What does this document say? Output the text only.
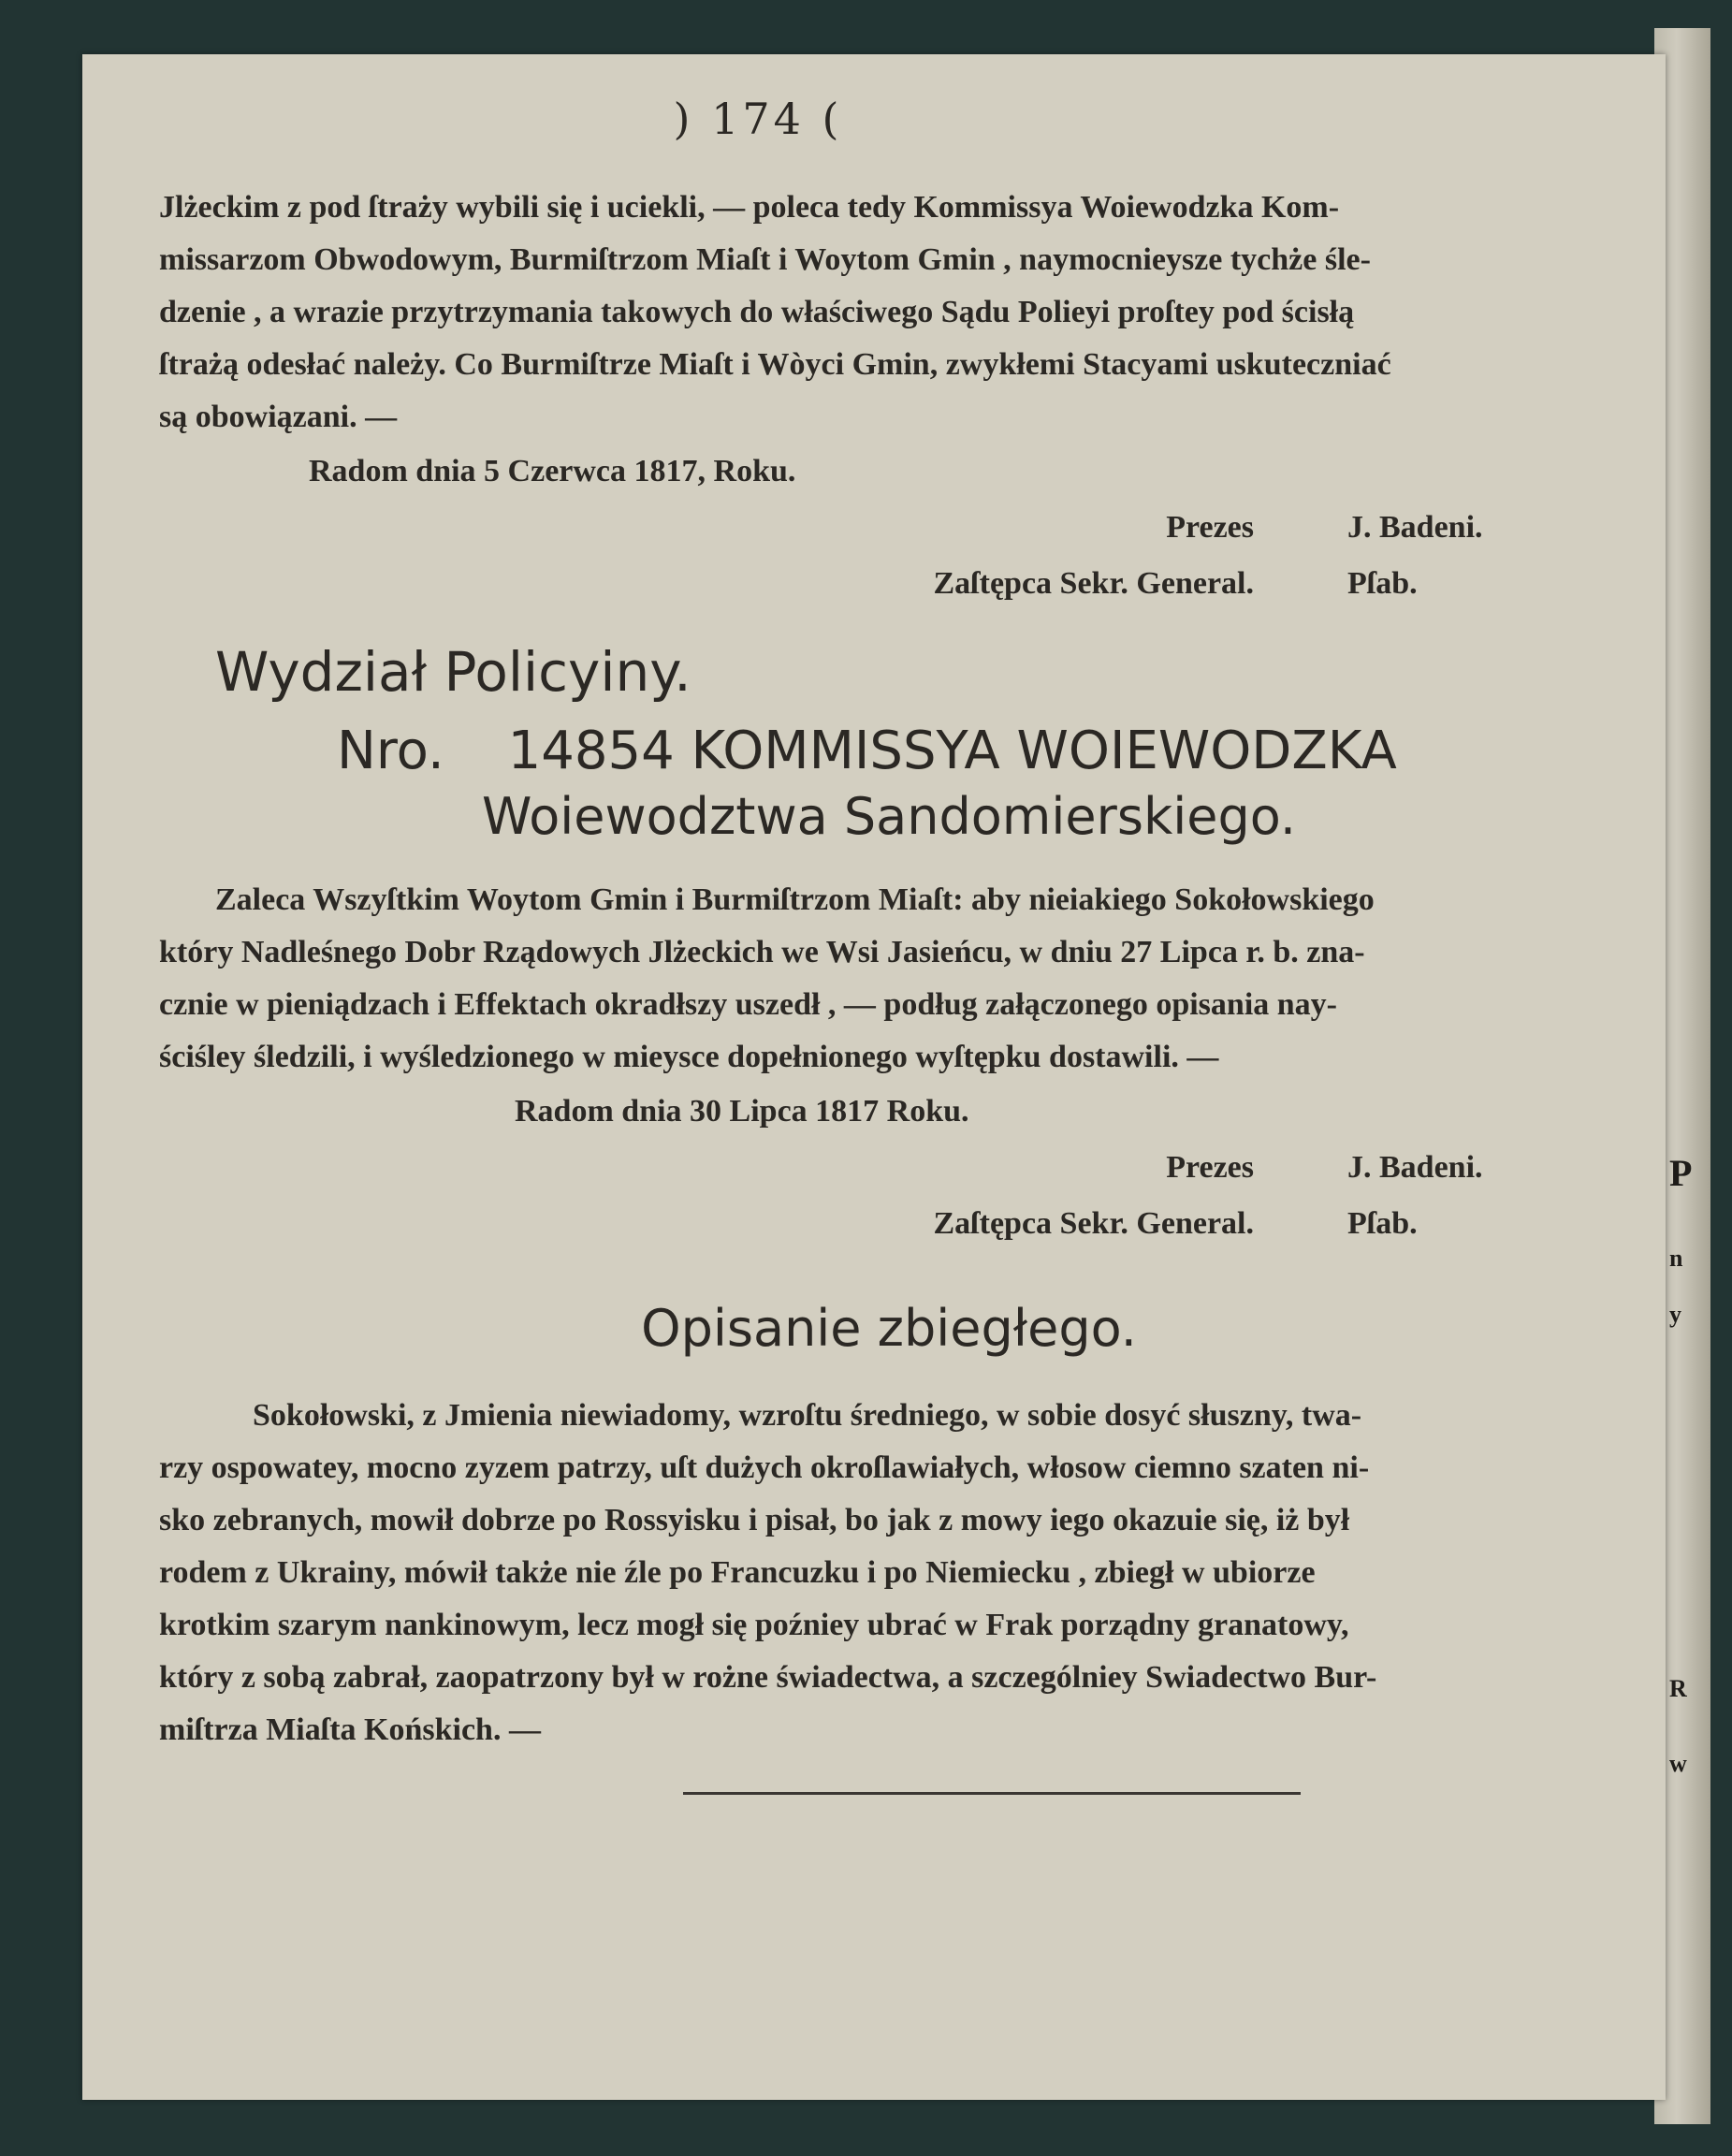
P
n
y
R
w
) 174 (
Jlżeckim z pod ſtraży wybili się i uciekli, — poleca tedy Kommissya Woiewodzka Kom-
missarzom Obwodowym, Burmiſtrzom Miaſt i Woytom Gmin , naymocnieysze tychże śle-
dzenie , a wrazie przytrzymania takowych do właściwego Sądu Polieyi proſtey pod ścisłą
ſtrażą odesłać należy. Co Burmiſtrze Miaſt i Wòyci Gmin, zwykłemi Stacyami uskuteczniać
są obowiązani. —
Radom dnia 5 Czerwca 1817, Roku.
Prezes	J. Badeni.
Zaſtępca Sekr. General.	Pſab.
Wydział Policyiny.
Nro. 14854 KOMMISSYA WOIEWODZKA
Woiewodztwa Sandomierskiego.
Zaleca Wszyſtkim Woytom Gmin i Burmiſtrzom Miaſt: aby nieiakiego Sokołowskiego
który Nadleśnego Dobr Rządowych Jlżeckich we Wsi Jasieńcu, w dniu 27 Lipca r. b. zna-
cznie w pieniądzach i Effektach okradłszy uszedł , — podług załączonego opisania nay-
ściśley śledzili, i wyśledzionego w mieysce dopełnionego wyſtępku dostawili. —
Radom dnia 30 Lipca 1817 Roku.
Prezes	J. Badeni.
Zaſtępca Sekr. General.	Pſab.
Opisanie zbiegłego.
Sokołowski, z Jmienia niewiadomy, wzroſtu średniego, w sobie dosyć słuszny, twa-
rzy ospowatey, mocno zyzem patrzy, uſt dużych okroſlawiałych, włosow ciemno szaten ni-
sko zebranych, mowił dobrze po Rossyisku i pisał, bo jak z mowy iego okazuie się, iż był
rodem z Ukrainy, mówił także nie źle po Francuzku i po Niemiecku , zbiegł w ubiorze
krotkim szarym nankinowym, lecz mogł się poźniey ubrać w Frak porządny granatowy,
który z sobą zabrał, zaopatrzony był w rożne świadectwa, a szczególniey Swiadectwo Bur-
miſtrza Miaſta Końskich. —
